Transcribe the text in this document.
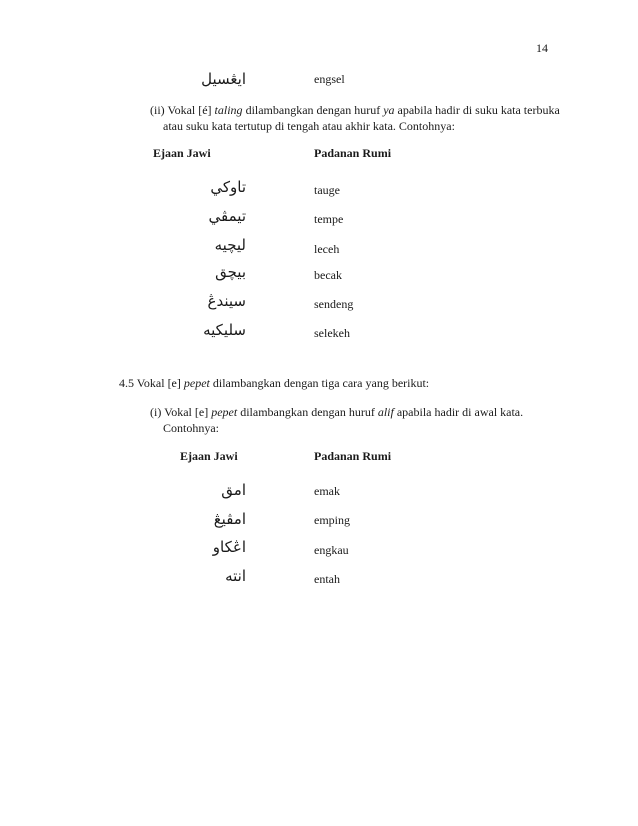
14
ايڠسيل	engsel
(ii) Vokal [é] taling dilambangkan dengan huruf ya apabila hadir di suku kata terbuka atau suku kata tertutup di tengah atau akhir kata. Contohnya:
Ejaan Jawi	Padanan Rumi
تاوکي	tauge
تيمڤي	tempe
ليچيه	leceh
بيچق	becak
سيندڠ	sendeng
سليکيه	selekeh
4.5 Vokal [e] pepet dilambangkan dengan tiga cara yang berikut:
(i) Vokal [e] pepet dilambangkan dengan huruf alif apabila hadir di awal kata. Contohnya:
Ejaan Jawi	Padanan Rumi
امق	emak
امڤيڠ	emping
اڠکاو	engkau
انته	entah
